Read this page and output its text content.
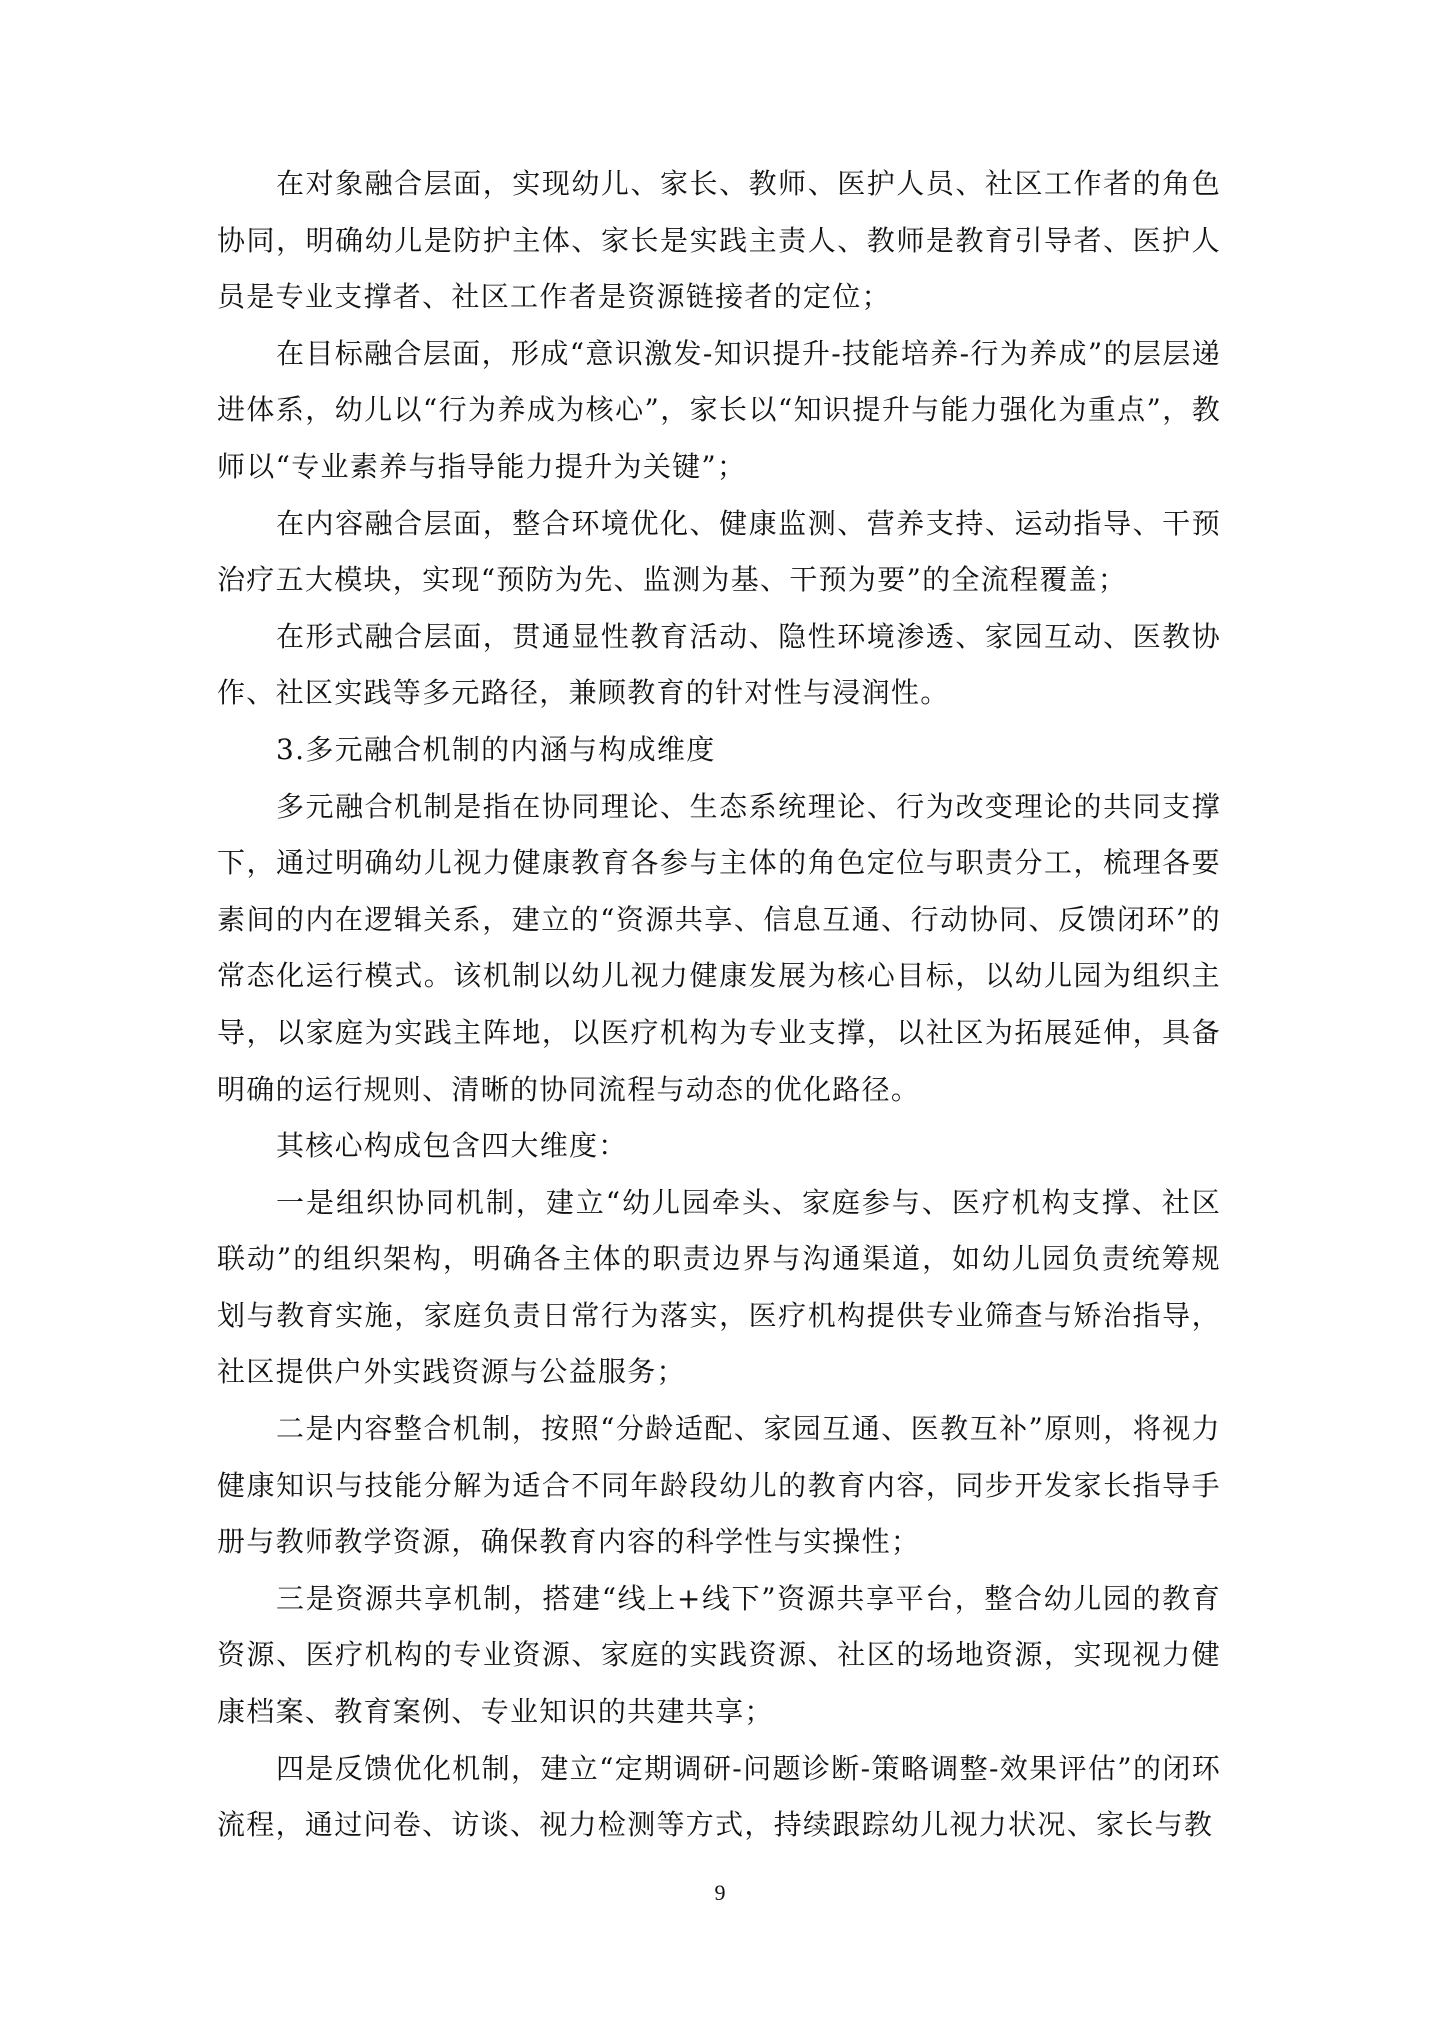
在对象融合层面，实现幼儿、家长、教师、医护人员、社区工作者的角色协同，明确幼儿是防护主体、家长是实践主责人、教师是教育引导者、医护人员是专业支撑者、社区工作者是资源链接者的定位；

在目标融合层面，形成“意识激发-知识提升-技能培养-行为养成”的层层递进体系，幼儿以“行为养成为核心”，家长以“知识提升与能力强化为重点”，教师以“专业素养与指导能力提升为关键”；

在内容融合层面，整合环境优化、健康监测、营养支持、运动指导、干预治疗五大模块，实现“预防为先、监测为基、干预为要”的全流程覆盖；

在形式融合层面，贯通显性教育活动、隐性环境渗透、家园互动、医教协作、社区实践等多元路径，兼顾教育的针对性与浸润性。

3.多元融合机制的内涵与构成维度

多元融合机制是指在协同理论、生态系统理论、行为改变理论的共同支撑下，通过明确幼儿视力健康教育各参与主体的角色定位与职责分工，梳理各要素间的内在逻辑关系，建立的“资源共享、信息互通、行动协同、反馈闭环”的常态化运行模式。该机制以幼儿视力健康发展为核心目标，以幼儿园为组织主导，以家庭为实践主阵地，以医疗机构为专业支撑，以社区为拓展延伸，具备明确的运行规则、清晰的协同流程与动态的优化路径。

其核心构成包含四大维度：

一是组织协同机制，建立“幼儿园牵头、家庭参与、医疗机构支撑、社区联动”的组织架构，明确各主体的职责边界与沟通渠道，如幼儿园负责统筹规划与教育实施，家庭负责日常行为落实，医疗机构提供专业筛查与矫治指导，社区提供户外实践资源与公益服务；

二是内容整合机制，按照“分龄适配、家园互通、医教互补”原则，将视力健康知识与技能分解为适合不同年龄段幼儿的教育内容，同步开发家长指导手册与教师教学资源，确保教育内容的科学性与实操性；

三是资源共享机制，搭建“线上+线下”资源共享平台，整合幼儿园的教育资源、医疗机构的专业资源、家庭的实践资源、社区的场地资源，实现视力健康档案、教育案例、专业知识的共建共享；

四是反馈优化机制，建立“定期调研-问题诊断-策略调整-效果评估”的闭环流程，通过问卷、访谈、视力检测等方式，持续跟踪幼儿视力状况、家长与教

9
